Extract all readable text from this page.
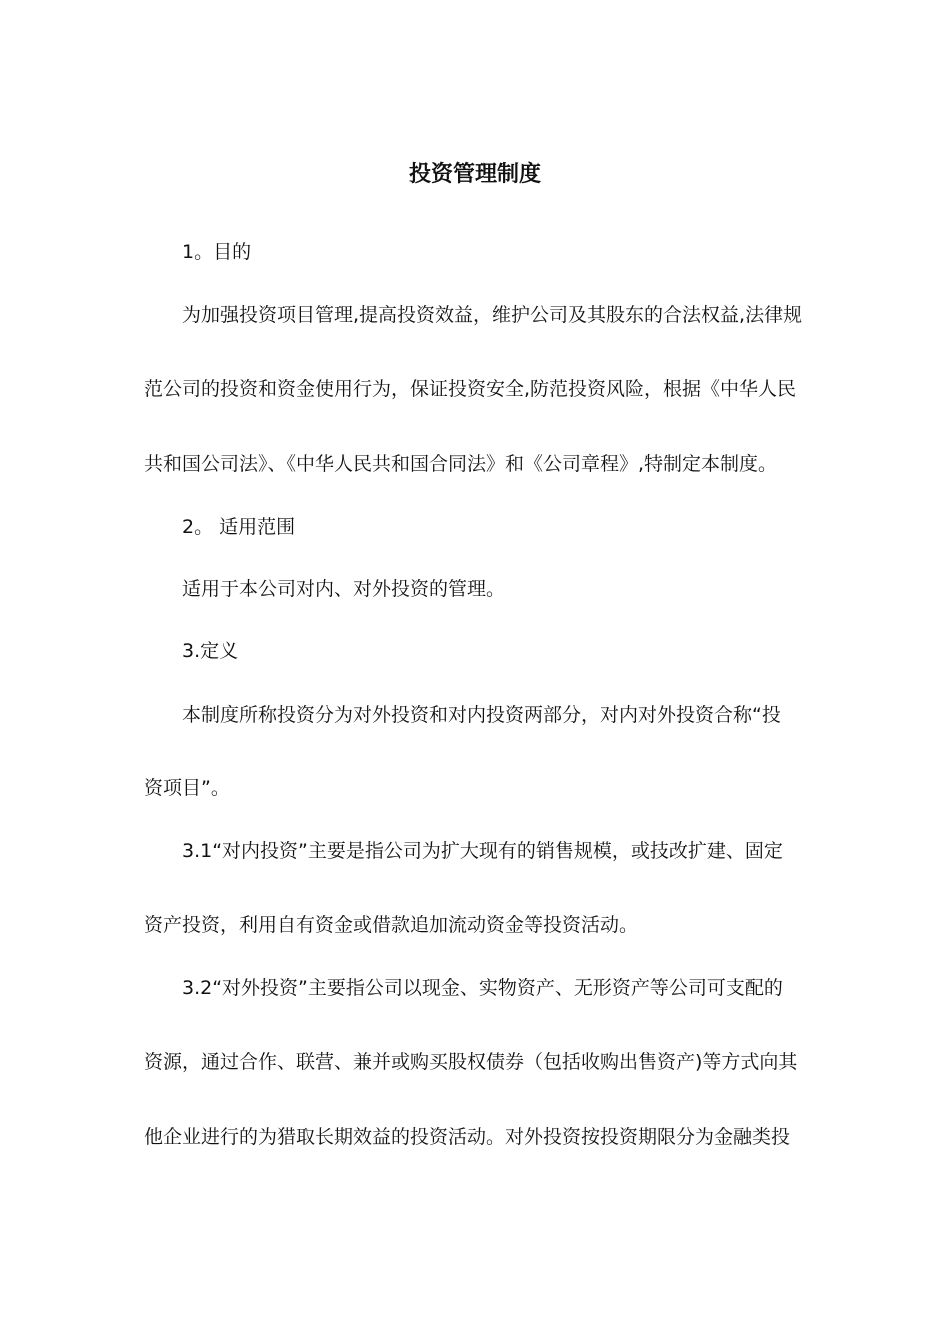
投资管理制度
1。目的
为加强投资项目管理,提高投资效益，维护公司及其股东的合法权益,法律规
范公司的投资和资金使用行为，保证投资安全,防范投资风险，根据《中华人民
共和国公司法》、《中华人民共和国合同法》和《公司章程》,特制定本制度。
2。 适用范围
适用于本公司对内、对外投资的管理。
3.定义
本制度所称投资分为对外投资和对内投资两部分，对内对外投资合称“投
资项目”。
3.1“对内投资”主要是指公司为扩大现有的销售规模，或技改扩建、固定
资产投资，利用自有资金或借款追加流动资金等投资活动。
3.2“对外投资”主要指公司以现金、实物资产、无形资产等公司可支配的
资源，通过合作、联营、兼并或购买股权债券（包括收购出售资产)等方式向其
他企业进行的为猎取长期效益的投资活动。对外投资按投资期限分为金融类投
